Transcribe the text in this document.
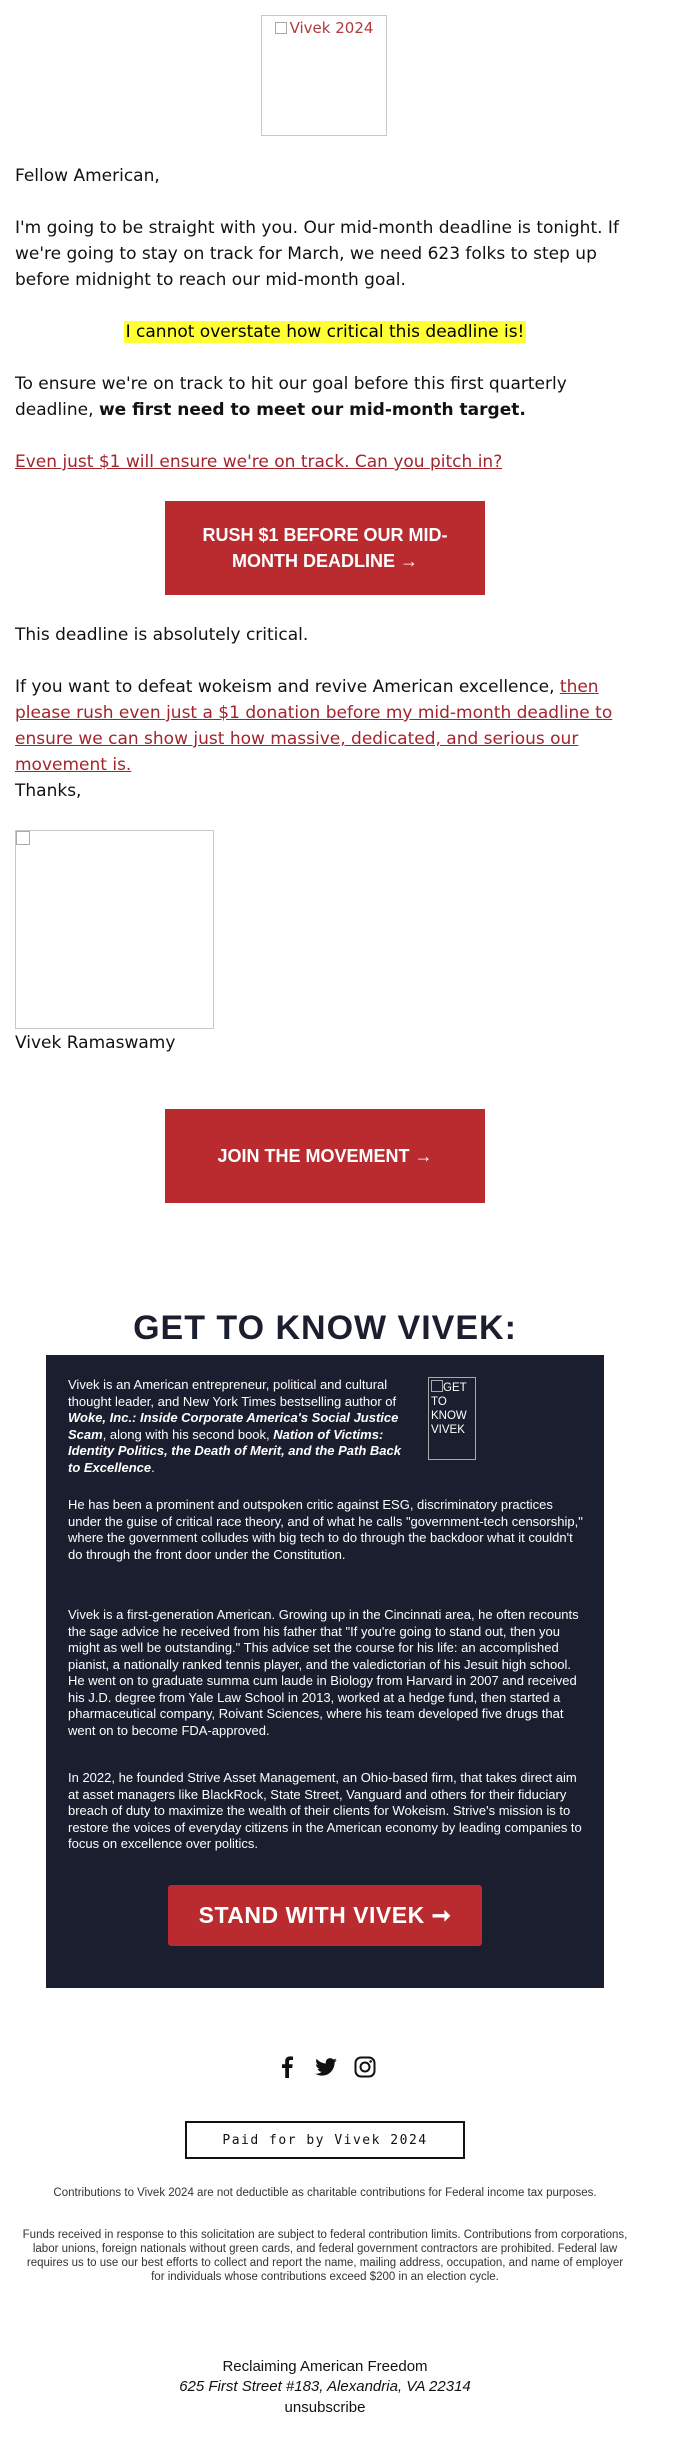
Vivek 2024

Fellow American,

I'm going to be straight with you. Our mid-month deadline is tonight. If we're going to stay on track for March, we need 623 folks to step up before midnight to reach our mid-month goal.

I cannot overstate how critical this deadline is!

To ensure we're on track to hit our goal before this first quarterly deadline, we first need to meet our mid-month target.

Even just $1 will ensure we're on track. Can you pitch in?

RUSH $1 BEFORE OUR MID-MONTH DEADLINE →

This deadline is absolutely critical.

If you want to defeat wokeism and revive American excellence, then please rush even just a $1 donation before my mid-month deadline to ensure we can show just how massive, dedicated, and serious our movement is.

Thanks,

Vivek Ramaswamy

JOIN THE MOVEMENT →
GET TO KNOW VIVEK:

Vivek is an American entrepreneur, political and cultural thought leader, and New York Times bestselling author of Woke, Inc.: Inside Corporate America's Social Justice Scam, along with his second book, Nation of Victims: Identity Politics, the Death of Merit, and the Path Back to Excellence.

GET TO KNOW VIVEK

He has been a prominent and outspoken critic against ESG, discriminatory practices under the guise of critical race theory, and of what he calls "government-tech censorship," where the government colludes with big tech to do through the backdoor what it couldn't do through the front door under the Constitution.

Vivek is a first-generation American. Growing up in the Cincinnati area, he often recounts the sage advice he received from his father that "If you're going to stand out, then you might as well be outstanding." This advice set the course for his life: an accomplished pianist, a nationally ranked tennis player, and the valedictorian of his Jesuit high school. He went on to graduate summa cum laude in Biology from Harvard in 2007 and received his J.D. degree from Yale Law School in 2013, worked at a hedge fund, then started a pharmaceutical company, Roivant Sciences, where his team developed five drugs that went on to become FDA-approved.

In 2022, he founded Strive Asset Management, an Ohio-based firm, that takes direct aim at asset managers like BlackRock, State Street, Vanguard and others for their fiduciary breach of duty to maximize the wealth of their clients for Wokeism. Strive's mission is to restore the voices of everyday citizens in the American economy by leading companies to focus on excellence over politics.

STAND WITH VIVEK ➞
Paid for by Vivek 2024

Contributions to Vivek 2024 are not deductible as charitable contributions for Federal income tax purposes.

Funds received in response to this solicitation are subject to federal contribution limits. Contributions from corporations, labor unions, foreign nationals without green cards, and federal government contractors are prohibited. Federal law requires us to use our best efforts to collect and report the name, mailing address, occupation, and name of employer for individuals whose contributions exceed $200 in an election cycle.

Reclaiming American Freedom

625 First Street #183, Alexandria, VA 22314

unsubscribe
